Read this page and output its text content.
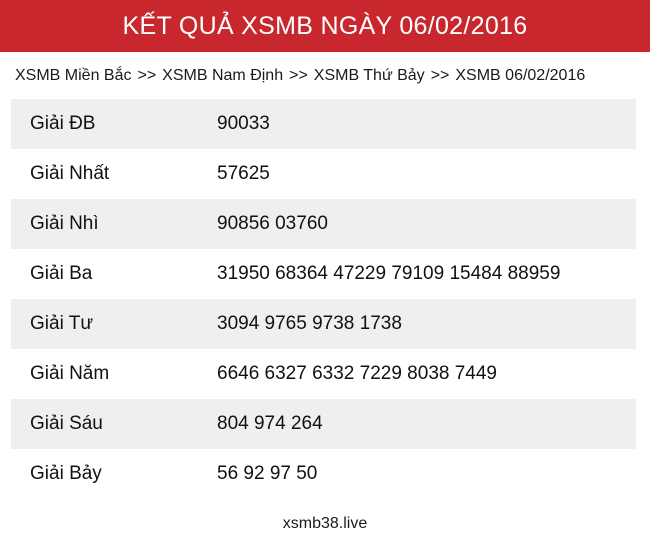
KẾT QUẢ XSMB NGÀY 06/02/2016
XSMB Miền Bắc >> XSMB Nam Định >> XSMB Thứ Bảy >> XSMB 06/02/2016
Giải ĐB	90033
Giải Nhất	57625
Giải Nhì	90856 03760
Giải Ba	31950 68364 47229 79109 15484 88959
Giải Tư	3094 9765 9738 1738
Giải Năm	6646 6327 6332 7229 8038 7449
Giải Sáu	804 974 264
Giải Bảy	56 92 97 50
xsmb38.live
